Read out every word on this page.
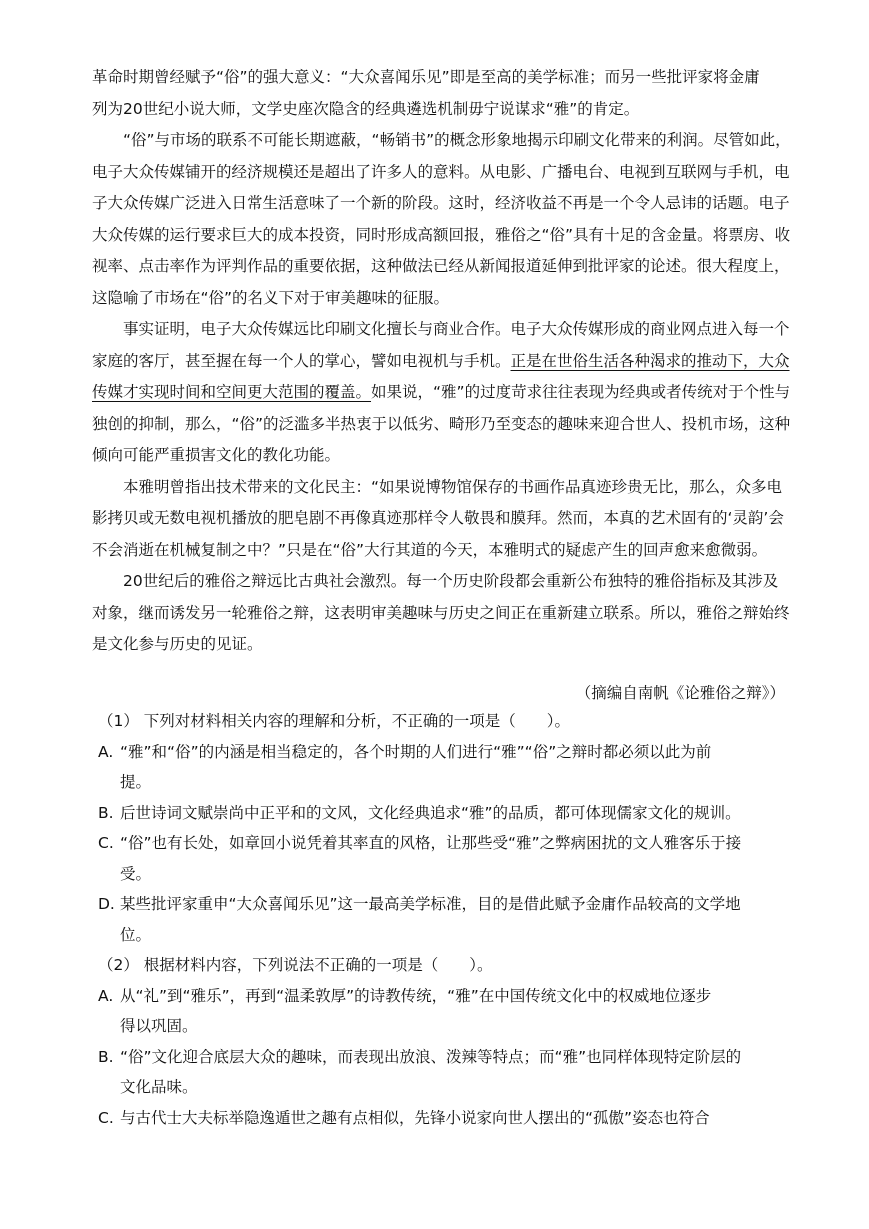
革命时期曾经赋予“俗”的强大意义：“大众喜闻乐见”即是至高的美学标准；而另一些批评家将金庸
列为20世纪小说大师，文学史座次隐含的经典遴选机制毋宁说谋求“雅”的肯定。

“俗”与市场的联系不可能长期遮蔽，“畅销书”的概念形象地揭示印刷文化带来的利润。尽管如此，电子大众传媒铺开的经济规模还是超出了许多人的意料。从电影、广播电台、电视到互联网与手机，电子大众传媒广泛进入日常生活意味了一个新的阶段。这时，经济收益不再是一个令人忌讳的话题。电子大众传媒的运行要求巨大的成本投资，同时形成高额回报，雅俗之“俗”具有十足的含金量。将票房、收视率、点击率作为评判作品的重要依据，这种做法已经从新闻报道延伸到批评家的论述。很大程度上，这隐喻了市场在“俗”的名义下对于审美趣味的征服。

事实证明，电子大众传媒远比印刷文化擅长与商业合作。电子大众传媒形成的商业网点进入每一个家庭的客厅，甚至握在每一个人的掌心，譬如电视机与手机。正是在世俗生活各种渴求的推动下，大众传媒才实现时间和空间更大范围的覆盖。如果说，“雅”的过度苛求往往表现为经典或者传统对于个性与独创的抑制，那么，“俗”的泛滥多半热衷于以低劣、畸形乃至变态的趣味来迎合世人、投机市场，这种倾向可能严重损害文化的教化功能。

本雅明曾指出技术带来的文化民主：“如果说博物馆保存的书画作品真迹珍贵无比，那么，众多电影拷贝或无数电视机播放的肥皂剧不再像真迹那样令人敬畏和膜拜。然而，本真的艺术固有的‘灵韵’会不会消逝在机械复制之中？”只是在“俗”大行其道的今天，本雅明式的疑虑产生的回声愈来愈微弱。

20世纪后的雅俗之辩远比古典社会激烈。每一个历史阶段都会重新公布独特的雅俗指标及其涉及对象，继而诱发另一轮雅俗之辩，这表明审美趣味与历史之间正在重新建立联系。所以，雅俗之辩始终是文化参与历史的见证。

（摘编自南帆《论雅俗之辩》）

（1） 下列对材料相关内容的理解和分析，不正确的一项是（　　）。

A. “雅”和“俗”的内涵是相当稳定的，各个时期的人们进行“雅”“俗”之辩时都必须以此为前
提。
B. 后世诗词文赋崇尚中正平和的文风，文化经典追求“雅”的品质，都可体现儒家文化的规训。
C. “俗”也有长处，如章回小说凭着其率直的风格，让那些受“雅”之弊病困扰的文人雅客乐于接
受。
D. 某些批评家重申“大众喜闻乐见”这一最高美学标准，目的是借此赋予金庸作品较高的文学地
位。

（2） 根据材料内容，下列说法不正确的一项是（　　）。

A. 从“礼”到“雅乐”，再到“温柔敦厚”的诗教传统，“雅”在中国传统文化中的权威地位逐步
得以巩固。
B. “俗”文化迎合底层大众的趣味，而表现出放浪、泼辣等特点；而“雅”也同样体现特定阶层的
文化品味。
C. 与古代士大夫标举隐逸遁世之趣有点相似，先锋小说家向世人摆出的“孤傲”姿态也符合
